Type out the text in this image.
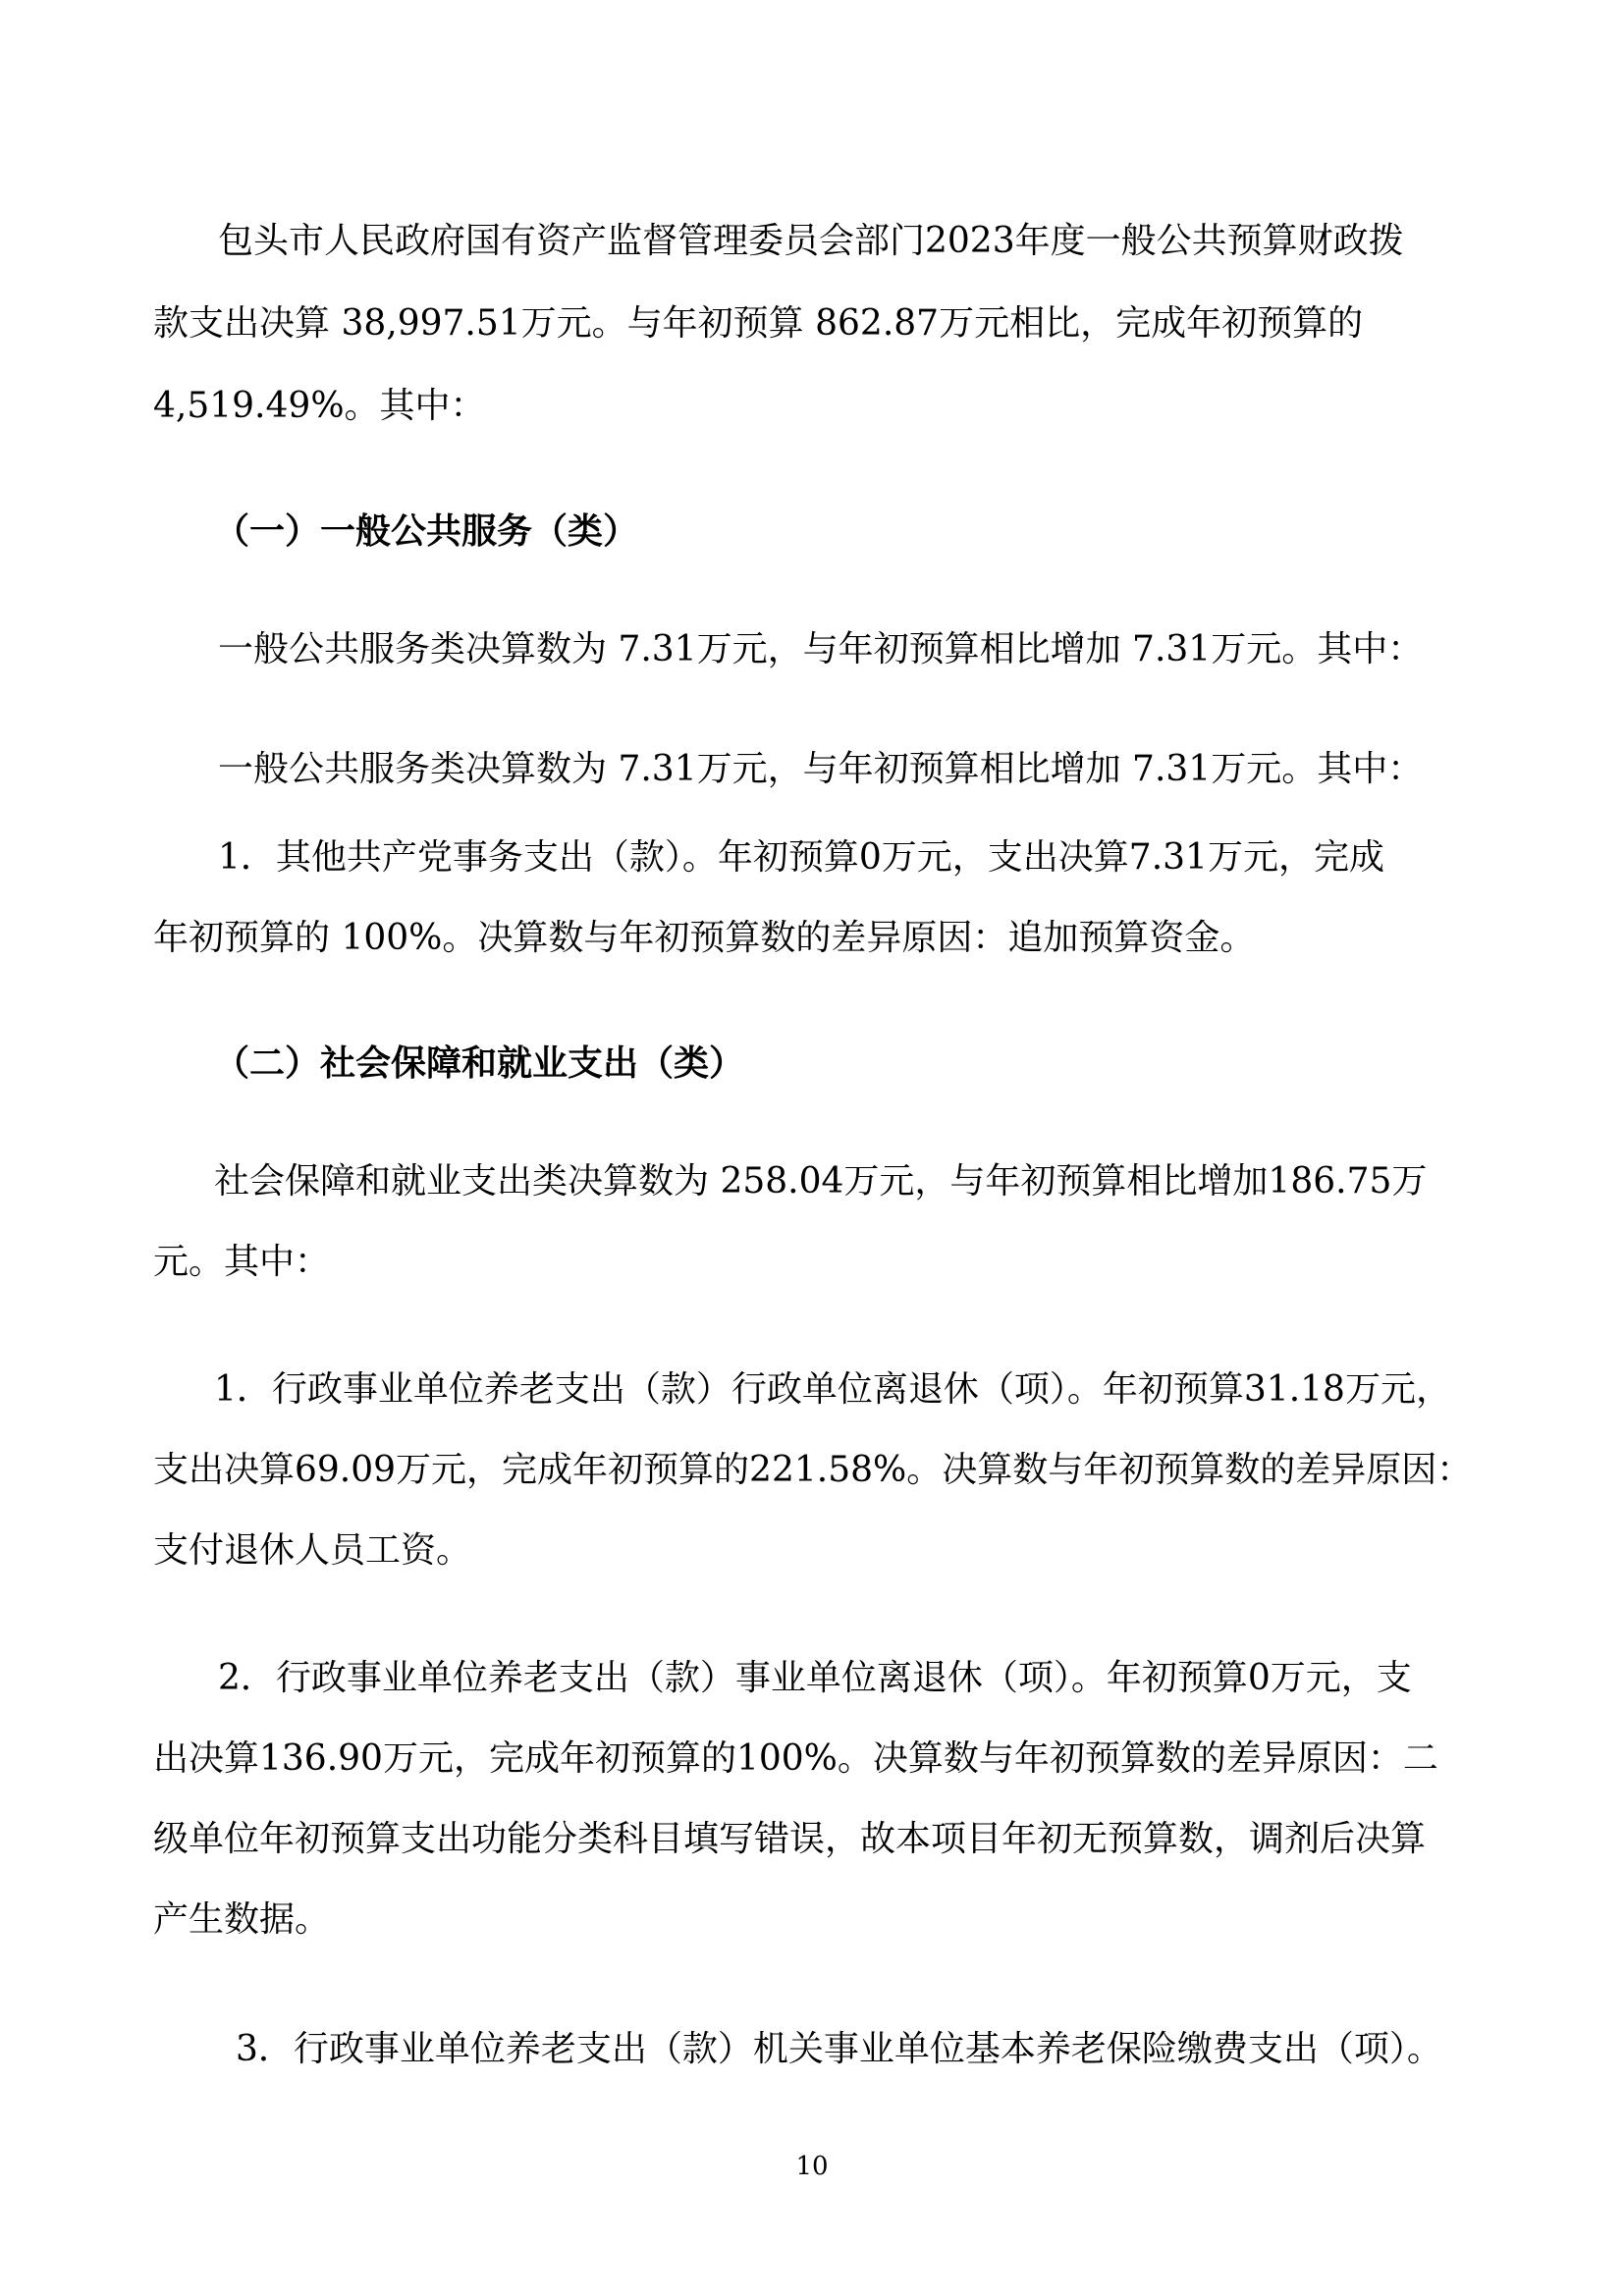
包头市人民政府国有资产监督管理委员会部门2023年度一般公共预算财政拨
款支出决算 38,997.51万元。与年初预算 862.87万元相比，完成年初预算的
4,519.49%。其中：
（一）一般公共服务（类）
一般公共服务类决算数为 7.31万元，与年初预算相比增加 7.31万元。其中：
一般公共服务类决算数为 7.31万元，与年初预算相比增加 7.31万元。其中：
1．其他共产党事务支出（款）。年初预算0万元，支出决算7.31万元，完成
年初预算的 100%。决算数与年初预算数的差异原因：追加预算资金。
（二）社会保障和就业支出（类）
社会保障和就业支出类决算数为 258.04万元，与年初预算相比增加186.75万
元。其中：
1．行政事业单位养老支出（款）行政单位离退休（项）。年初预算31.18万元，
支出决算69.09万元，完成年初预算的221.58%。决算数与年初预算数的差异原因：
支付退休人员工资。
2．行政事业单位养老支出（款）事业单位离退休（项）。年初预算0万元，支
出决算136.90万元，完成年初预算的100%。决算数与年初预算数的差异原因：二
级单位年初预算支出功能分类科目填写错误，故本项目年初无预算数，调剂后决算
产生数据。
3．行政事业单位养老支出（款）机关事业单位基本养老保险缴费支出（项）。
10
